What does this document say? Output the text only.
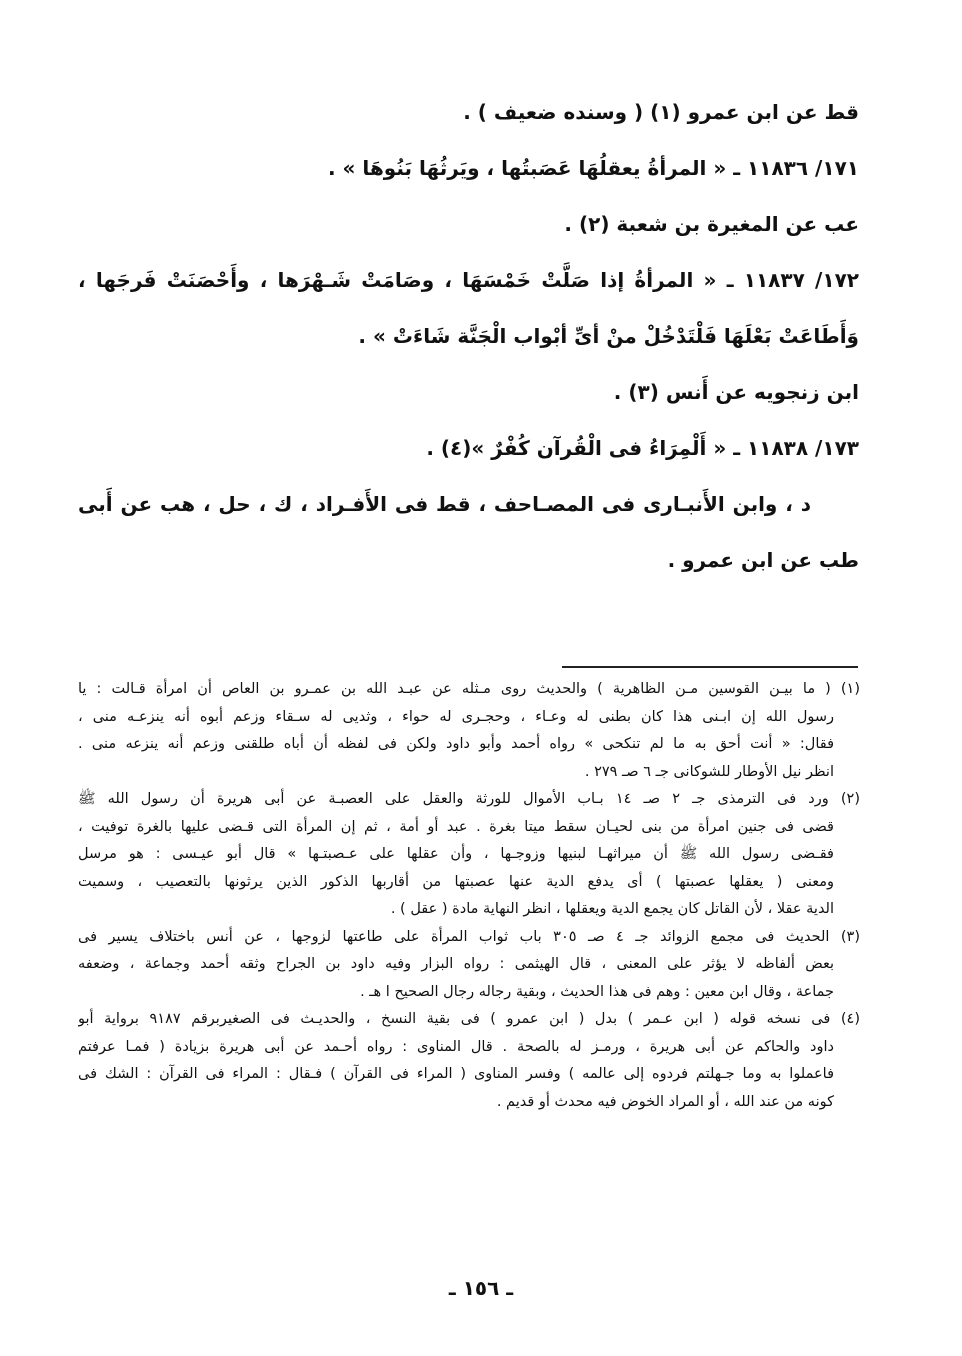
قط عن ابن عمرو (١) ( وسنده ضعيف ) .
١٧١/ ١١٨٣٦ ـ « المرأةُ يعقلُهَا عَصَبتُها ، ويَرثُهَا بَنُوهَا » .
عب عن المغيرة بن شعبة (٢) .
١٧٢/ ١١٨٣٧ ـ « المرأةُ إذا صَلَّتْ خَمْسَهَا ، وصَامَتْ شَـهْرَها ، وأَحْصَنَتْ فَرجَها ،
وَأَطَاعَتْ بَعْلَهَا فَلْتَدْخُلْ منْ أىِّ أبْواب الْجَنَّة شَاءَتْ » .
ابن زنجويه عن أَنس (٣) .
١٧٣/ ١١٨٣٨ ـ « أَلْمِرَاءُ فى الْقُرآن كُفْرٌ »(٤) .
د ، وابن الأَنبـارى فى المصـاحف ، قط فى الأَفـراد ، ك ، حل ، هب عن أَبى
طب عن ابن عمرو .
(١) ( ما بيـن القوسين مـن الظاهرية ) والحديث روى مـثله عن عبـد الله بن عمـرو بن العاص أن امرأة قـالت : يا
رسول الله إن ابـنى هذا كان بطنى له وعـاء ، وحجـرى له حواء ، وثديى له سـقاء وزعم أبوه أنه ينزعـه منى ،
فقال: « أنت أحق به ما لم تنكحى » رواه أحمد وأبو داود ولكن فى لفظه أن أباه طلقنى وزعم أنه ينزعه منى .
انظر نيل الأوطار للشوكانى جـ ٦ صـ ٢٧٩ .
(٢) ورد فى الترمذى جـ ٢ صـ ١٤ بـاب الأموال للورثة والعقل على العصبـة عن أبى هريرة أن رسول الله ﷺ
قضى فى جنين امرأة من بنى لحيـان سقط ميتا بغرة . عبد أو أمة ، ثم إن المرأة التى قـضى عليها بالغرة توفيت ،
فقـضى رسول الله ﷺ أن ميراثهـا لبنيها وزوجـها ، وأن عقلها على عـصبتـها » قال أبو عيـسى : هو مرسل
ومعنى ( يعقلها عصبتها ) أى يدفع الدية عنها عصبتها من أقاربها الذكور الذين يرثونها بالتعصيب ، وسميت
الدية عقلا ، لأن القاتل كان يجمع الدية ويعقلها ، انظر النهاية مادة ( عقل ) .
(٣) الحديث فى مجمع الزوائد جـ ٤ صـ ٣٠٥ باب ثواب المرأة على طاعتها لزوجها ، عن أنس باختلاف يسير فى
بعض ألفاظه لا يؤثر على المعنى ، قال الهيثمى : رواه البزار وفيه داود بن الجراح وثقه أحمد وجماعة ، وضعفه
جماعة ، وقال ابن معين : وهم فى هذا الحديث ، وبقية رجاله رجال الصحيح ا هـ .
(٤) فى نسخه قوله ( ابن عـمر ) بدل ( ابن عمرو ) فى بقية النسخ ، والحديـث فى الصغيربرقم ٩١٨٧ برواية أبو
داود والحاكم عن أبى هريرة ، ورمـز له بالصحة . قال المناوى : رواه أحـمد عن أبى هريرة بزيادة ( فمـا عرفتم
فاعملوا به وما جـهلتم فردوه إلى عالمه ) وفسر المناوى ( المراء فى القرآن ) فـقال : المراء فى القرآن : الشك فى
كونه من عند الله ، أو المراد الخوض فيه محدث أو قديم .
ـ ١٥٦ ـ
